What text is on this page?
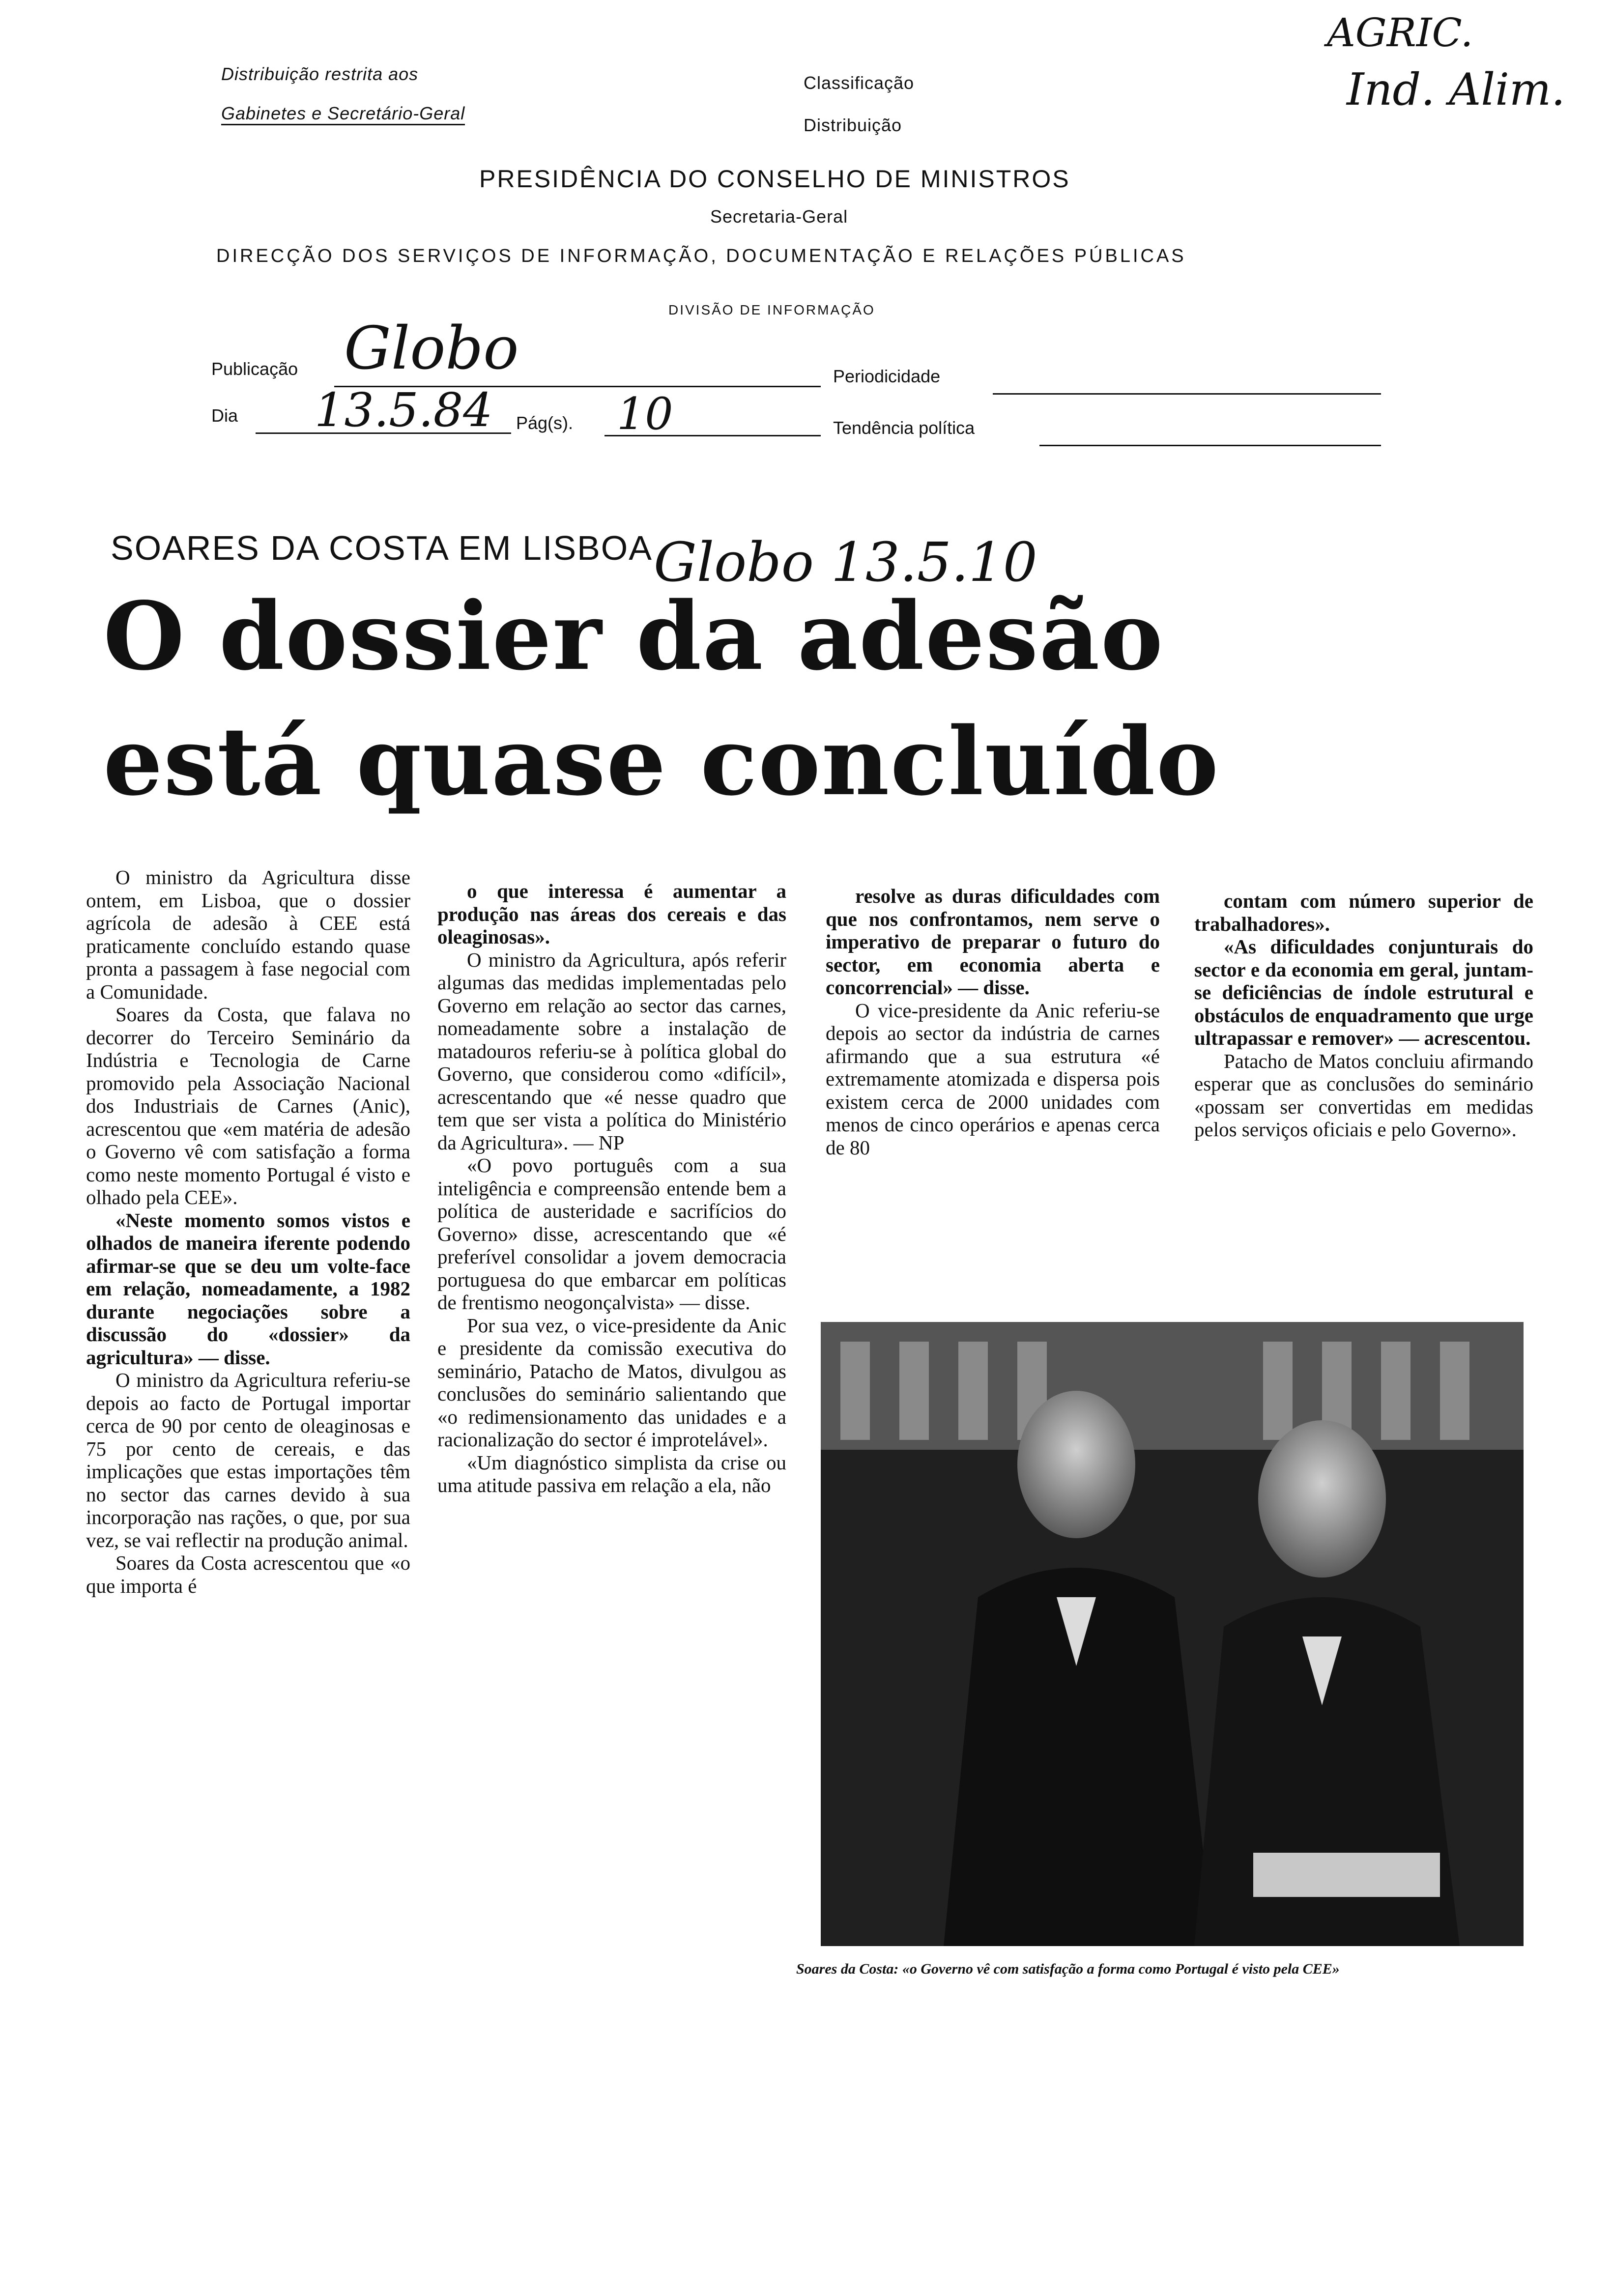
Distribuição restrita aos
Gabinetes e Secretário-Geral
Classificação
Distribuição
AGRIC.
Ind. Alim.
PRESIDÊNCIA DO CONSELHO DE MINISTROS
Secretaria-Geral
DIRECÇÃO DOS SERVIÇOS DE INFORMAÇÃO, DOCUMENTAÇÃO E RELAÇÕES PÚBLICAS
DIVISÃO DE INFORMAÇÃO
Publicação Globo	Periodicidade
Dia 13.5.84 Pág(s). 10	Tendência política
SOARES DA COSTA EM LISBOA Globo 13.5.10
O dossier da adesão
está quase concluído

O ministro da Agricultura disse ontem, em Lisboa, que o dossier agrícola de adesão à CEE está praticamente concluído estando quase pronta a passagem à fase negocial com a Comunidade.

Soares da Costa, que falava no decorrer do Terceiro Seminário da Indústria e Tecnologia de Carne promovido pela Associação Nacional dos Industriais de Carnes (Anic), acrescentou que «em matéria de adesão o Governo vê com satisfação a forma como neste momento Portugal é visto e olhado pela CEE».

«Neste momento somos vistos e olhados de maneira iferente podendo afirmar-se que se deu um volte-face em relação, nomeadamente, a 1982 durante negociações sobre a discussão do «dossier» da agricultura» — disse.

O ministro da Agricultura referiu-se depois ao facto de Portugal importar cerca de 90 por cento de oleaginosas e 75 por cento de cereais, e das implicações que estas importações têm no sector das carnes devido à sua incorporação nas rações, o que, por sua vez, se vai reflectir na produção animal.

Soares da Costa acrescentou que «o que importa é

o que interessa é aumentar a produção nas áreas dos cereais e das oleaginosas».

O ministro da Agricultura, após referir algumas das medidas implementadas pelo Governo em relação ao sector das carnes, nomeadamente sobre a instalação de matadouros referiu-se à política global do Governo, que considerou como «difícil», acrescentando que «é nesse quadro que tem que ser vista a política do Ministério da Agricultura». — NP

«O povo português com a sua inteligência e compreensão entende bem a política de austeridade e sacrifícios do Governo» disse, acrescentando que «é preferível consolidar a jovem democracia portuguesa do que embarcar em políticas de frentismo neogonçalvista» — disse.

Por sua vez, o vice-presidente da Anic e presidente da comissão executiva do seminário, Patacho de Matos, divulgou as conclusões do seminário salientando que «o redimensionamento das unidades e a racionalização do sector é improtelável».

«Um diagnóstico simplista da crise ou uma atitude passiva em relação a ela, não

resolve as duras dificuldades com que nos confrontamos, nem serve o imperativo de preparar o futuro do sector, em economia aberta e concorrencial» — disse.

O vice-presidente da Anic referiu-se depois ao sector da indústria de carnes afirmando que a sua estrutura «é extremamente atomizada e dispersa pois existem cerca de 2000 unidades com menos de cinco operários e apenas cerca de 80

contam com número superior de trabalhadores».

«As dificuldades conjunturais do sector e da economia em geral, juntam-se deficiências de índole estrutural e obstáculos de enquadramento que urge ultrapassar e remover» — acrescentou.

Patacho de Matos concluiu afirmando esperar que as conclusões do seminário «possam ser convertidas em medidas pelos serviços oficiais e pelo Governo».

Soares da Costa: «o Governo vê com satisfação a forma como Portugal é visto pela CEE»
